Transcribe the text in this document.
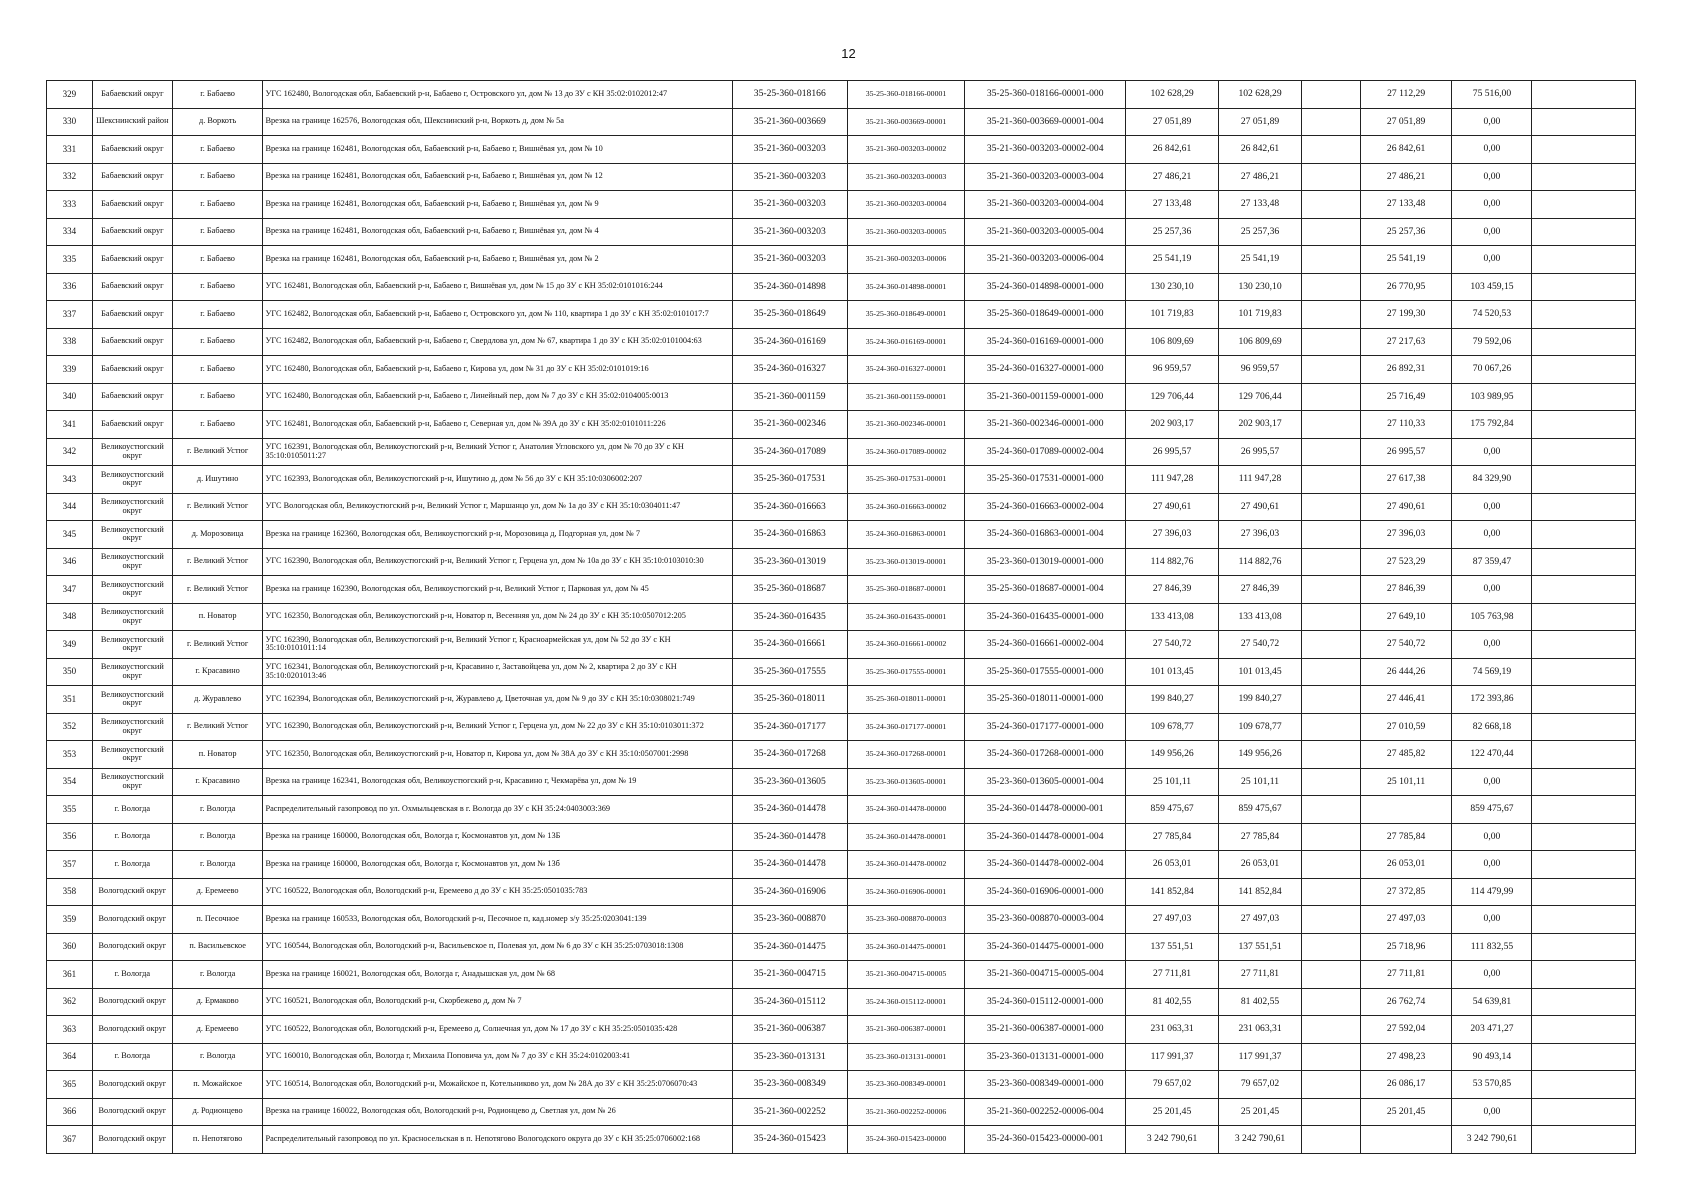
12
329	Бабаевский округ	г. Бабаево	УГС 162480, Вологодская обл, Бабаевский р-н, Бабаево г, Островского ул, дом № 13 до ЗУ с КН 35:02:0102012:47	35-25-360-018166	35-25-360-018166-00001	35-25-360-018166-00001-000	102 628,29	102 628,29		27 112,29	75 516,00	
330	Шекснинский район	д. Воркоть	Врезка на границе 162576, Вологодская обл, Шекснинский р-н, Воркоть д, дом № 5а	35-21-360-003669	35-21-360-003669-00001	35-21-360-003669-00001-004	27 051,89	27 051,89		27 051,89	0,00	
331	Бабаевский округ	г. Бабаево	Врезка на границе 162481, Вологодская обл, Бабаевский р-н, Бабаево г, Вишнёвая ул, дом № 10	35-21-360-003203	35-21-360-003203-00002	35-21-360-003203-00002-004	26 842,61	26 842,61		26 842,61	0,00	
332	Бабаевский округ	г. Бабаево	Врезка на границе 162481, Вологодская обл, Бабаевский р-н, Бабаево г, Вишнёвая ул, дом № 12	35-21-360-003203	35-21-360-003203-00003	35-21-360-003203-00003-004	27 486,21	27 486,21		27 486,21	0,00	
333	Бабаевский округ	г. Бабаево	Врезка на границе 162481, Вологодская обл, Бабаевский р-н, Бабаево г, Вишнёвая ул, дом № 9	35-21-360-003203	35-21-360-003203-00004	35-21-360-003203-00004-004	27 133,48	27 133,48		27 133,48	0,00	
334	Бабаевский округ	г. Бабаево	Врезка на границе 162481, Вологодская обл, Бабаевский р-н, Бабаево г, Вишнёвая ул, дом № 4	35-21-360-003203	35-21-360-003203-00005	35-21-360-003203-00005-004	25 257,36	25 257,36		25 257,36	0,00	
335	Бабаевский округ	г. Бабаево	Врезка на границе 162481, Вологодская обл, Бабаевский р-н, Бабаево г, Вишнёвая ул, дом № 2	35-21-360-003203	35-21-360-003203-00006	35-21-360-003203-00006-004	25 541,19	25 541,19		25 541,19	0,00	
336	Бабаевский округ	г. Бабаево	УГС 162481, Вологодская обл, Бабаевский р-н, Бабаево г, Вишнёвая ул, дом № 15 до ЗУ с КН 35:02:0101016:244	35-24-360-014898	35-24-360-014898-00001	35-24-360-014898-00001-000	130 230,10	130 230,10		26 770,95	103 459,15	
337	Бабаевский округ	г. Бабаево	УГС 162482, Вологодская обл, Бабаевский р-н, Бабаево г, Островского ул, дом № 110, квартира 1 до ЗУ с КН 35:02:0101017:7	35-25-360-018649	35-25-360-018649-00001	35-25-360-018649-00001-000	101 719,83	101 719,83		27 199,30	74 520,53	
338	Бабаевский округ	г. Бабаево	УГС 162482, Вологодская обл, Бабаевский р-н, Бабаево г, Свердлова ул, дом № 67, квартира 1 до ЗУ с КН 35:02:0101004:63	35-24-360-016169	35-24-360-016169-00001	35-24-360-016169-00001-000	106 809,69	106 809,69		27 217,63	79 592,06	
339	Бабаевский округ	г. Бабаево	УГС 162480, Вологодская обл, Бабаевский р-н, Бабаево г, Кирова ул, дом № 31 до ЗУ с КН 35:02:0101019:16	35-24-360-016327	35-24-360-016327-00001	35-24-360-016327-00001-000	96 959,57	96 959,57		26 892,31	70 067,26	
340	Бабаевский округ	г. Бабаево	УГС 162480, Вологодская обл, Бабаевский р-н, Бабаево г, Линейный пер, дом № 7 до ЗУ с КН 35:02:0104005:0013	35-21-360-001159	35-21-360-001159-00001	35-21-360-001159-00001-000	129 706,44	129 706,44		25 716,49	103 989,95	
341	Бабаевский округ	г. Бабаево	УГС 162481, Вологодская обл, Бабаевский р-н, Бабаево г, Северная ул, дом № 39А до ЗУ с КН 35:02:0101011:226	35-21-360-002346	35-21-360-002346-00001	35-21-360-002346-00001-000	202 903,17	202 903,17		27 110,33	175 792,84	
342	Великоустюгский округ	г. Великий Устюг	УГС 162391, Вологодская обл, Великоустюгский р-н, Великий Устюг г, Анатолия Угловского ул, дом № 70 до ЗУ с КН 35:10:0105011:27	35-24-360-017089	35-24-360-017089-00002	35-24-360-017089-00002-004	26 995,57	26 995,57		26 995,57	0,00	
343	Великоустюгский округ	д. Ишутино	УГС 162393, Вологодская обл, Великоустюгский р-н, Ишутино д, дом № 56 до ЗУ с КН 35:10:0306002:207	35-25-360-017531	35-25-360-017531-00001	35-25-360-017531-00001-000	111 947,28	111 947,28		27 617,38	84 329,90	
344	Великоустюгский округ	г. Великий Устюг	УГС Вологодская обл, Великоустюгский р-н, Великий Устюг г, Маршанцо ул, дом № 1а до ЗУ с КН 35:10:0304011:47	35-24-360-016663	35-24-360-016663-00002	35-24-360-016663-00002-004	27 490,61	27 490,61		27 490,61	0,00	
345	Великоустюгский округ	д. Морозовица	Врезка на границе 162360, Вологодская обл, Великоустюгский р-н, Морозовица д, Подгорная ул, дом № 7	35-24-360-016863	35-24-360-016863-00001	35-24-360-016863-00001-004	27 396,03	27 396,03		27 396,03	0,00	
346	Великоустюгский округ	г. Великий Устюг	УГС 162390, Вологодская обл, Великоустюгский р-н, Великий Устюг г, Герцена ул, дом № 10а до ЗУ с КН 35:10:0103010:30	35-23-360-013019	35-23-360-013019-00001	35-23-360-013019-00001-000	114 882,76	114 882,76		27 523,29	87 359,47	
347	Великоустюгский округ	г. Великий Устюг	Врезка на границе 162390, Вологодская обл, Великоустюгский р-н, Великий Устюг г, Парковая ул, дом № 45	35-25-360-018687	35-25-360-018687-00001	35-25-360-018687-00001-004	27 846,39	27 846,39		27 846,39	0,00	
348	Великоустюгский округ	п. Новатор	УГС 162350, Вологодская обл, Великоустюгский р-н, Новатор п, Весенняя ул, дом № 24 до ЗУ с КН 35:10:0507012:205	35-24-360-016435	35-24-360-016435-00001	35-24-360-016435-00001-000	133 413,08	133 413,08		27 649,10	105 763,98	
349	Великоустюгский округ	г. Великий Устюг	УГС 162390, Вологодская обл, Великоустюгский р-н, Великий Устюг г, Красноармейская ул, дом № 52 до ЗУ с КН 35:10:0101011:14	35-24-360-016661	35-24-360-016661-00002	35-24-360-016661-00002-004	27 540,72	27 540,72		27 540,72	0,00	
350	Великоустюгский округ	г. Красавино	УГС 162341, Вологодская обл, Великоустюгский р-н, Красавино г, Заставойцева ул, дом № 2, квартира 2 до ЗУ с КН 35:10:0201013:46	35-25-360-017555	35-25-360-017555-00001	35-25-360-017555-00001-000	101 013,45	101 013,45		26 444,26	74 569,19	
351	Великоустюгский округ	д. Журавлево	УГС 162394, Вологодская обл, Великоустюгский р-н, Журавлево д, Цветочная ул, дом № 9 до ЗУ с КН 35:10:0308021:749	35-25-360-018011	35-25-360-018011-00001	35-25-360-018011-00001-000	199 840,27	199 840,27		27 446,41	172 393,86	
352	Великоустюгский округ	г. Великий Устюг	УГС 162390, Вологодская обл, Великоустюгский р-н, Великий Устюг г, Герцена ул, дом № 22 до ЗУ с КН 35:10:0103011:372	35-24-360-017177	35-24-360-017177-00001	35-24-360-017177-00001-000	109 678,77	109 678,77		27 010,59	82 668,18	
353	Великоустюгский округ	п. Новатор	УГС 162350, Вологодская обл, Великоустюгский р-н, Новатор п, Кирова ул, дом № 38А до ЗУ с КН 35:10:0507001:2998	35-24-360-017268	35-24-360-017268-00001	35-24-360-017268-00001-000	149 956,26	149 956,26		27 485,82	122 470,44	
354	Великоустюгский округ	г. Красавино	Врезка на границе 162341, Вологодская обл, Великоустюгский р-н, Красавино г, Чекмарёва ул, дом № 19	35-23-360-013605	35-23-360-013605-00001	35-23-360-013605-00001-004	25 101,11	25 101,11		25 101,11	0,00	
355	г. Вологда	г. Вологда	Распределительный газопровод по ул. Охмыльцевская в г. Вологда до ЗУ с КН 35:24:0403003:369	35-24-360-014478	35-24-360-014478-00000	35-24-360-014478-00000-001	859 475,67	859 475,67			859 475,67	
356	г. Вологда	г. Вологда	Врезка на границе 160000, Вологодская обл, Вологда г, Космонавтов ул, дом № 13Б	35-24-360-014478	35-24-360-014478-00001	35-24-360-014478-00001-004	27 785,84	27 785,84		27 785,84	0,00	
357	г. Вологда	г. Вологда	Врезка на границе 160000, Вологодская обл, Вологда г, Космонавтов ул, дом № 13б	35-24-360-014478	35-24-360-014478-00002	35-24-360-014478-00002-004	26 053,01	26 053,01		26 053,01	0,00	
358	Вологодский округ	д. Еремеево	УГС 160522, Вологодская обл, Вологодский р-н, Еремеево д до ЗУ с КН 35:25:0501035:783	35-24-360-016906	35-24-360-016906-00001	35-24-360-016906-00001-000	141 852,84	141 852,84		27 372,85	114 479,99	
359	Вологодский округ	п. Песочное	Врезка на границе 160533, Вологодская обл, Вологодский р-н, Песочное п, кад.номер з/у 35:25:0203041:139	35-23-360-008870	35-23-360-008870-00003	35-23-360-008870-00003-004	27 497,03	27 497,03		27 497,03	0,00	
360	Вологодский округ	п. Васильевское	УГС 160544, Вологодская обл, Вологодский р-н, Васильевское п, Полевая ул, дом № 6 до ЗУ с КН 35:25:0703018:1308	35-24-360-014475	35-24-360-014475-00001	35-24-360-014475-00001-000	137 551,51	137 551,51		25 718,96	111 832,55	
361	г. Вологда	г. Вологда	Врезка на границе 160021, Вологодская обл, Вологда г, Анадышская ул, дом № 68	35-21-360-004715	35-21-360-004715-00005	35-21-360-004715-00005-004	27 711,81	27 711,81		27 711,81	0,00	
362	Вологодский округ	д. Ермаково	УГС 160521, Вологодская обл, Вологодский р-н, Скорбежево д, дом № 7	35-24-360-015112	35-24-360-015112-00001	35-24-360-015112-00001-000	81 402,55	81 402,55		26 762,74	54 639,81	
363	Вологодский округ	д. Еремеево	УГС 160522, Вологодская обл, Вологодский р-н, Еремеево д, Солнечная ул, дом № 17 до ЗУ с КН 35:25:0501035:428	35-21-360-006387	35-21-360-006387-00001	35-21-360-006387-00001-000	231 063,31	231 063,31		27 592,04	203 471,27	
364	г. Вологда	г. Вологда	УГС 160010, Вологодская обл, Вологда г, Михаила Поповича ул, дом № 7 до ЗУ с КН 35:24:0102003:41	35-23-360-013131	35-23-360-013131-00001	35-23-360-013131-00001-000	117 991,37	117 991,37		27 498,23	90 493,14	
365	Вологодский округ	п. Можайское	УГС 160514, Вологодская обл, Вологодский р-н, Можайское п, Котельниково ул, дом № 28А до ЗУ с КН 35:25:0706070:43	35-23-360-008349	35-23-360-008349-00001	35-23-360-008349-00001-000	79 657,02	79 657,02		26 086,17	53 570,85	
366	Вологодский округ	д. Родионцево	Врезка на границе 160022, Вологодская обл, Вологодский р-н, Родионцево д, Светлая ул, дом № 26	35-21-360-002252	35-21-360-002252-00006	35-21-360-002252-00006-004	25 201,45	25 201,45		25 201,45	0,00	
367	Вологодский округ	п. Непотягово	Распределительный газопровод по ул. Красносельская в п. Непотягово Вологодского округа до ЗУ с КН 35:25:0706002:168	35-24-360-015423	35-24-360-015423-00000	35-24-360-015423-00000-001	3 242 790,61	3 242 790,61			3 242 790,61	
